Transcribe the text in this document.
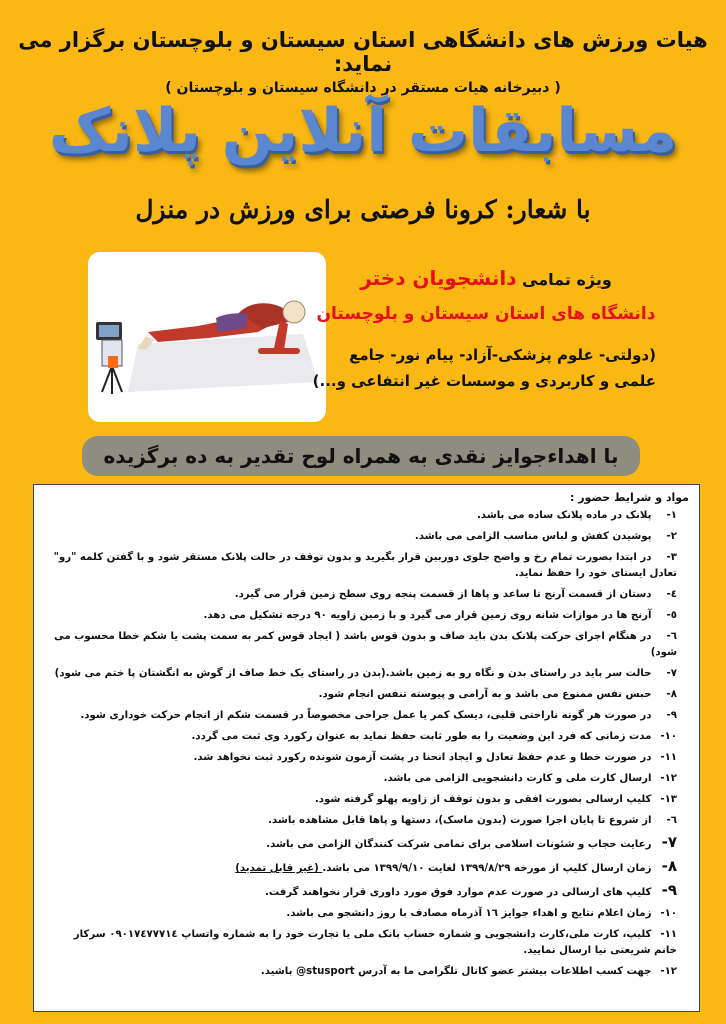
هیات ورزش های دانشگاهی استان سیستان و بلوچستان برگزار می نماید:
( دبیرخانه هیات مستقر در دانشگاه سیستان و بلوچستان )
مسابقات آنلاین پلانک
با شعار: کرونا فرصتی برای ورزش در منزل
ویژه تمامی دانشجویان دختر
دانشگاه های استان سیستان و بلوچستان
(دولتی- علوم پزشکی-آزاد- پیام نور- جامع
علمی و کاربردی و موسسات غیر انتفاعی و...)
با اهداءجوایز نقدی به همراه لوح تقدیر به ده برگزیده
مواد و شرایط حضور :
۱- پلانک در ماده پلانک ساده می باشد.
۲- پوشیدن کفش و لباس مناسب الزامی می باشد.
۳- در ابتدا بصورت تمام رخ و واضح جلوی دوربین قرار بگیرید و بدون توقف در حالت پلانک مستقر شود و با گفتن کلمه "رو" تعادل ایستای خود را حفظ نماید.
٤- دستان از قسمت آرنج تا ساعد و پاها از قسمت پنجه روی سطح زمین قرار می گیرد.
٥- آرنج ها در موازات شانه روی زمین قرار می گیرد و با زمین زاویه ۹۰ درجه تشکیل می دهد.
٦- در هنگام اجرای حرکت پلانک بدن باید صاف و بدون قوس باشد ( ایجاد قوس کمر به سمت پشت یا شکم خطا محسوب می شود)
۷- حالت سر باید در راستای بدن و نگاه رو به زمین باشد.(بدن در راستای یک خط صاف از گوش به انگشتان پا ختم می شود)
۸- حبس نفس ممنوع می باشد و به آرامی و پیوسته تنفس انجام شود.
۹- در صورت هر گونه ناراحتی قلبی، دیسک کمر یا عمل جراحی مخصوصاً در قسمت شکم از انجام حرکت خوداری شود.
۱۰- مدت زمانی که فرد این وضعیت را به طور ثابت حفظ نماید به عنوان رکورد وی ثبت می گردد.
۱۱- در صورت خطا و عدم حفظ تعادل و ایجاد انحنا در پشت آزمون شونده رکورد ثبت نخواهد شد.
۱۲- ارسال کارت ملی و کارت دانشجویی الزامی می باشد.
۱۳- کلیپ ارسالی بصورت افقی و بدون توقف از زاویه پهلو گرفته شود.
٦- از شروع تا پایان اجرا صورت (بدون ماسک)، دستها و پاها قابل مشاهده باشد.
۷- رعایت حجاب و شئونات اسلامی برای تمامی شرکت کنندگان الزامی می باشد.
۸- زمان ارسال کلیپ از مورخه ۱۳۹۹/۸/۲۹ لغایت ۱۳۹۹/۹/۱۰ می باشد. (غیر قابل تمدید)
۹- کلیپ های ارسالی در صورت عدم موارد فوق مورد داوری قرار نخواهند گرفت.
۱۰- زمان اعلام نتایج و اهداء جوایز ۱٦ آذرماه مصادف با روز دانشجو می باشد.
۱۱- کلیپ، کارت ملی،کارت دانشجویی و شماره حساب بانک ملی یا تجارت خود را به شماره واتساپ ۰۹۰۱۷٤۷۷۷۱٤ سرکار خانم شریعتی نیا ارسال نمایید.
۱۲- جهت کسب اطلاعات بیشتر عضو کانال تلگرامی ما به آدرس stusport@ باشید.
